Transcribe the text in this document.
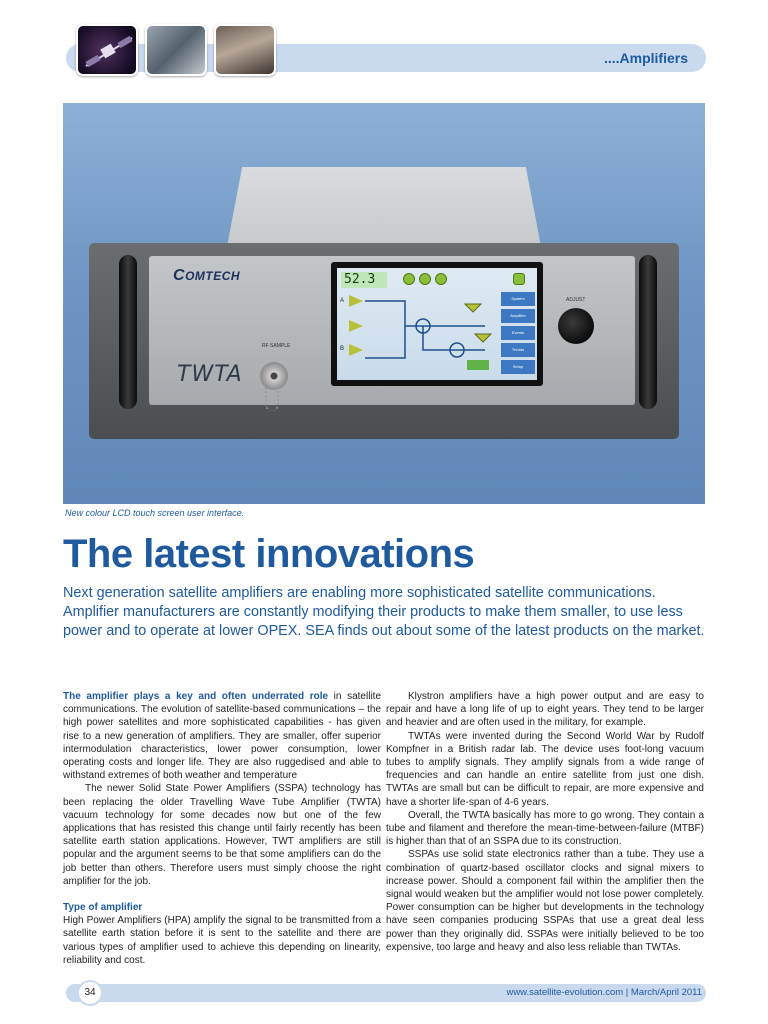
....Amplifiers
COMTECH
TWTA
RF SAMPLE
ADJUST
52.3
System
Amplifier
Events
Trends
Setup
A
B
New colour LCD touch screen user interface.
The latest innovations

Next generation satellite amplifiers are enabling more sophisticated satellite communications. Amplifier manufacturers are constantly modifying their products to make them smaller, to use less power and to operate at lower OPEX. SEA finds out about some of the latest products on the market.

The amplifier plays a key and often underrated role in satellite communications. The evolution of satellite-based communications – the high power satellites and more sophisticated capabilities - has given rise to a new generation of amplifiers. They are smaller, offer superior intermodulation characteristics, lower power consumption, lower operating costs and longer life. They are also ruggedised and able to withstand extremes of both weather and temperature

The newer Solid State Power Amplifiers (SSPA) technology has been replacing the older Travelling Wave Tube Amplifier (TWTA) vacuum technology for some decades now but one of the few applications that has resisted this change until fairly recently has been satellite earth station applications. However, TWT amplifiers are still popular and the argument seems to be that some amplifiers can do the job better than others. Therefore users must simply choose the right amplifier for the job.

Type of amplifier

High Power Amplifiers (HPA) amplify the signal to be transmitted from a satellite earth station before it is sent to the satellite and there are various types of amplifier used to achieve this depending on linearity, reliability and cost.

Klystron amplifiers have a high power output and are easy to repair and have a long life of up to eight years. They tend to be larger and heavier and are often used in the military, for example.

TWTAs were invented during the Second World War by Rudolf Kompfner in a British radar lab. The device uses foot-long vacuum tubes to amplify signals. They amplify signals from a wide range of frequencies and can handle an entire satellite from just one dish. TWTAs are small but can be difficult to repair, are more expensive and have a shorter life-span of 4-6 years.

Overall, the TWTA basically has more to go wrong. They contain a tube and filament and therefore the mean-time-between-failure (MTBF) is higher than that of an SSPA due to its construction.

SSPAs use solid state electronics rather than a tube. They use a combination of quartz-based oscillator clocks and signal mixers to increase power. Should a component fail within the amplifier then the signal would weaken but the amplifier would not lose power completely. Power consumption can be higher but developments in the technology have seen companies producing SSPAs that use a great deal less power than they originally did. SSPAs were initially believed to be too expensive, too large and heavy and also less reliable than TWTAs.

34	www.satellite-evolution.com | March/April 2011
